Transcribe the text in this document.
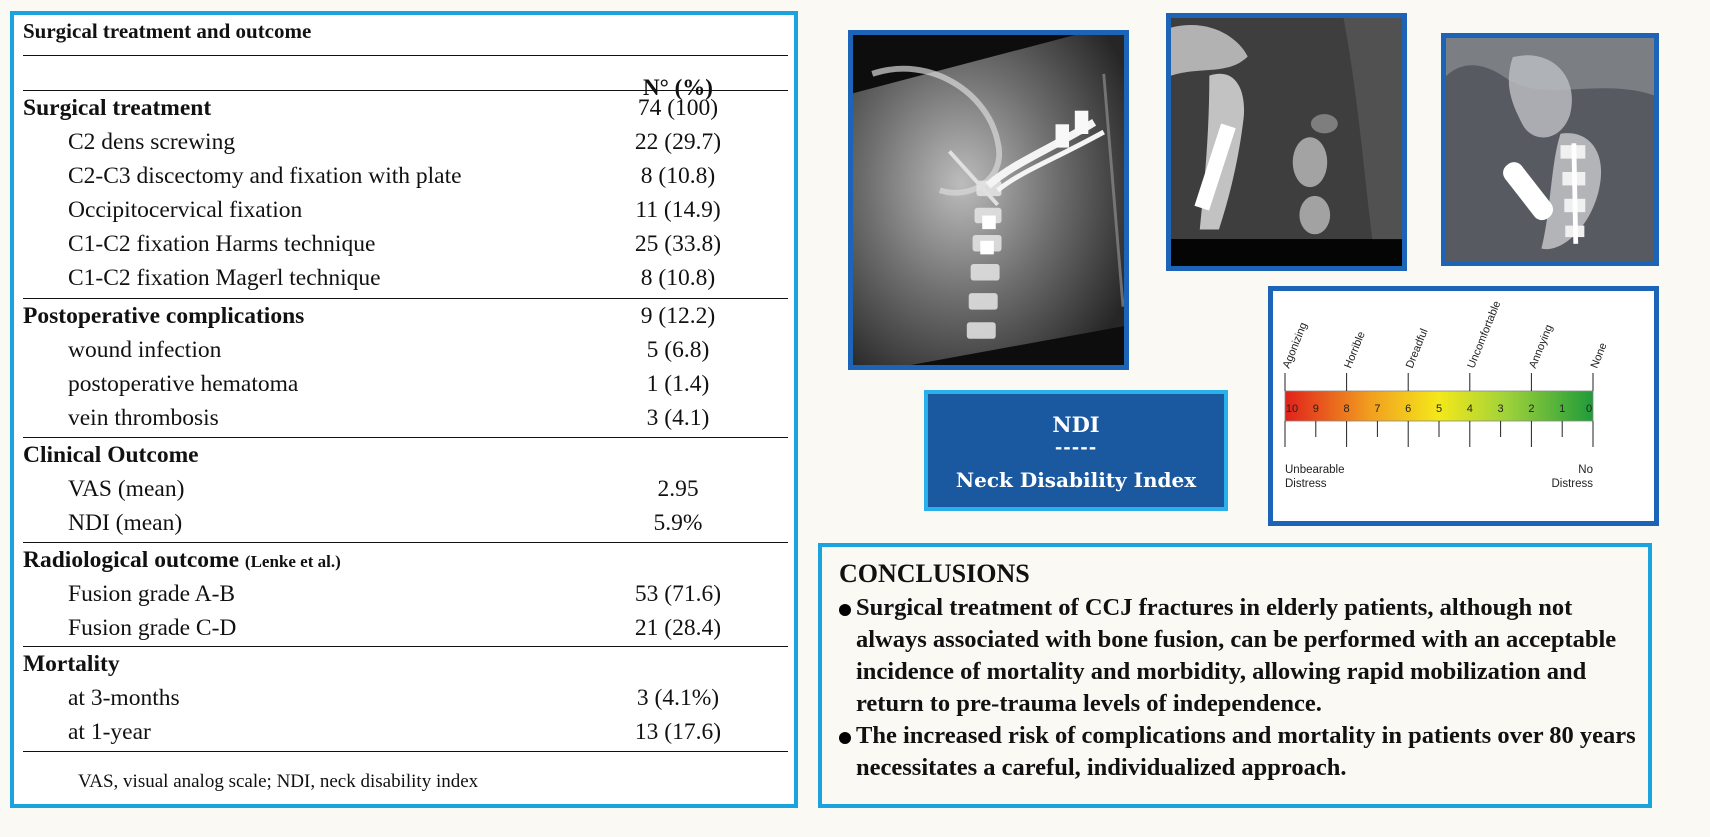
Surgical treatment and outcome
N° (%)
Surgical treatment	74 (100)
C2 dens screwing	22 (29.7)
C2-C3 discectomy and fixation with plate	8 (10.8)
Occipitocervical fixation	11 (14.9)
C1-C2 fixation Harms technique	25 (33.8)
C1-C2 fixation Magerl technique	8 (10.8)
Postoperative complications	9 (12.2)
wound infection	5 (6.8)
postoperative hematoma	1 (1.4)
vein thrombosis	3 (4.1)
Clinical Outcome
VAS (mean)	2.95
NDI (mean)	5.9%
Radiological outcome (Lenke et al.)
Fusion grade A-B	53 (71.6)
Fusion grade C-D	21 (28.4)
Mortality
at 3-months	3 (4.1%)
at 1-year	13 (17.6)
VAS, visual analog scale; NDI, neck disability index
NDI
-----
Neck Disability Index
10 9 8 7 6 5 4 3 2 1 0
Agonizing	Horrible	Dreadful	Uncomfortable Annoying	None
Unbearable
Distress
No
Distress
CONCLUSIONS
Surgical treatment of CCJ fractures in elderly patients, although not always associated with bone fusion, can be performed with an acceptable incidence of mortality and morbidity, allowing rapid mobilization and return to pre-trauma levels of independence.
The increased risk of complications and mortality in patients over 80 years necessitates a careful, individualized approach.
